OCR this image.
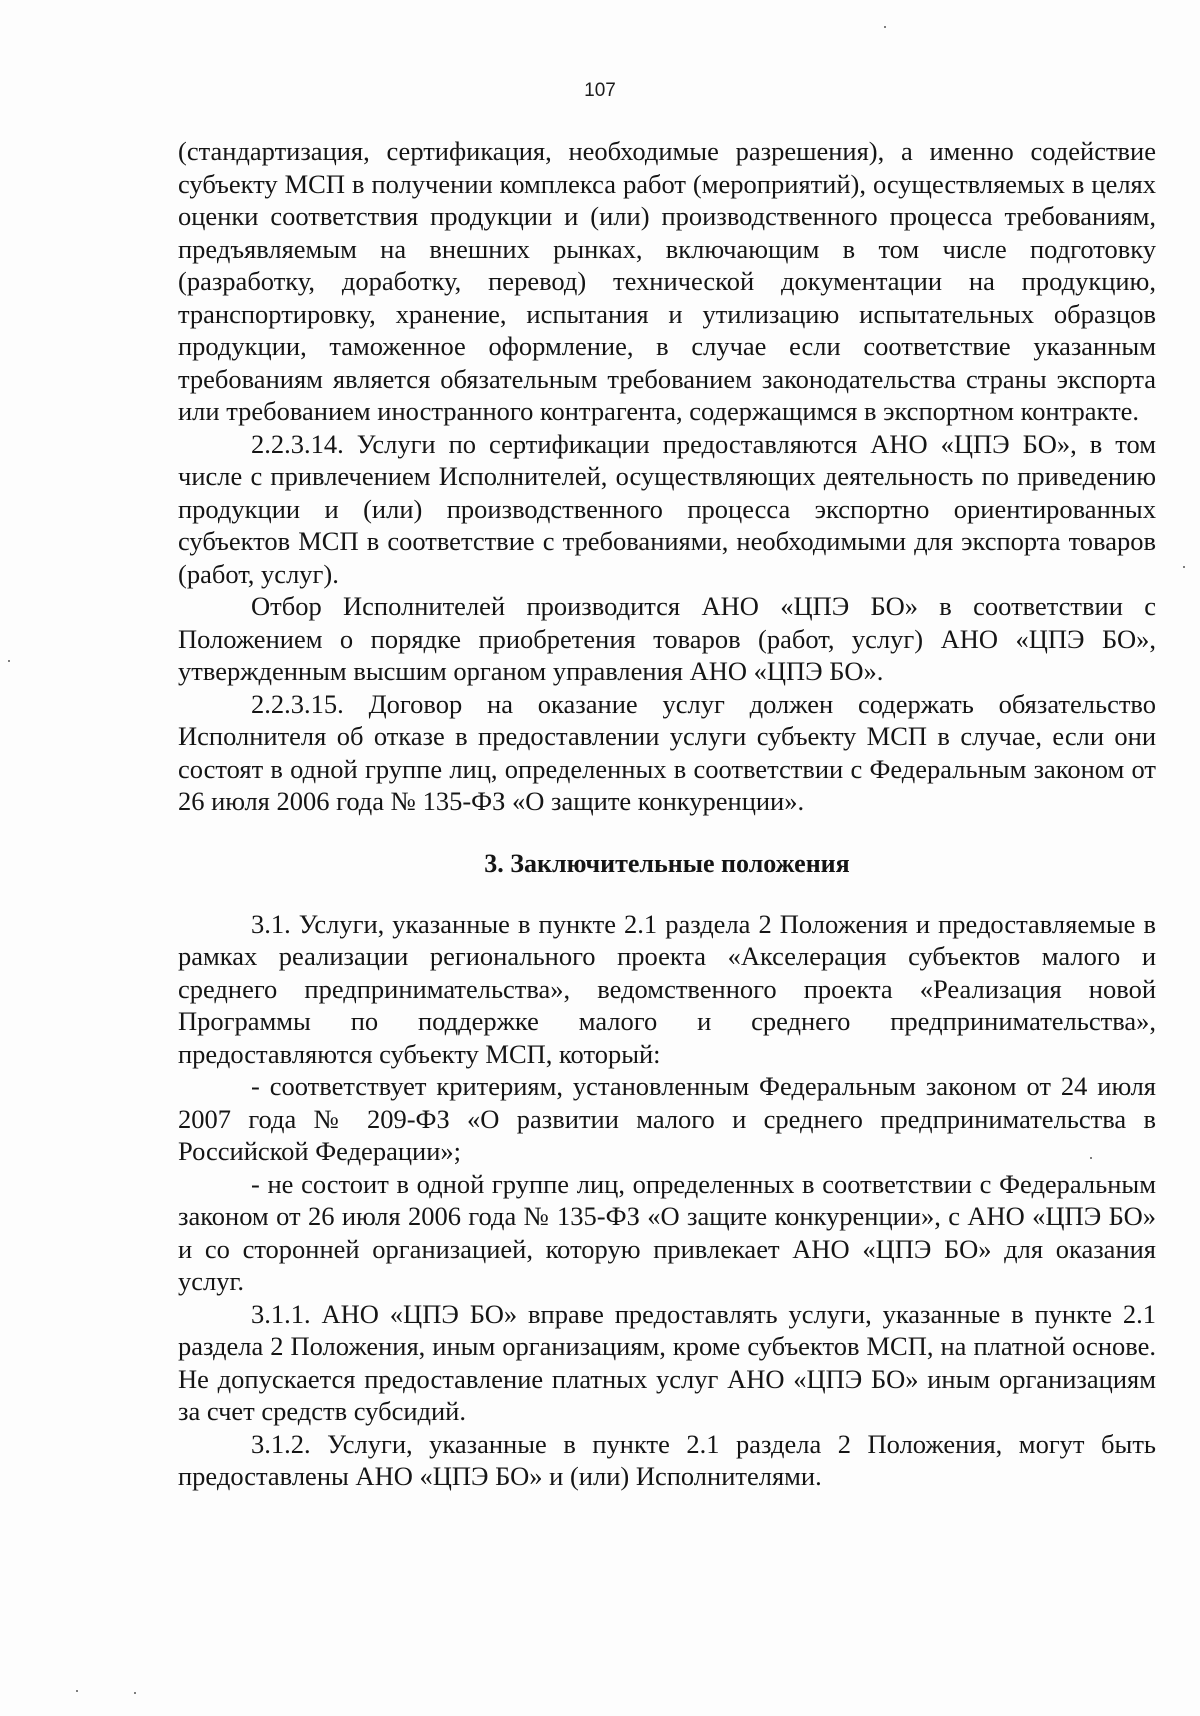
107

(стандартизация, сертификация, необходимые разрешения), а именно содействие субъекту МСП в получении комплекса работ (мероприятий), осуществляемых в целях оценки соответствия продукции и (или) производственного процесса требованиям, предъявляемым на внешних рынках, включающим в том числе подготовку (разработку, доработку, перевод) технической документации на продукцию, транспортировку, хранение, испытания и утилизацию испытательных образцов продукции, таможенное оформление, в случае если соответствие указанным требованиям является обязательным требованием законодательства страны экспорта или требованием иностранного контрагента, содержащимся в экспортном контракте.

2.2.3.14. Услуги по сертификации предоставляются АНО «ЦПЭ БО», в том числе с привлечением Исполнителей, осуществляющих деятельность по приведению продукции и (или) производственного процесса экспортно ориентированных субъектов МСП в соответствие с требованиями, необходимыми для экспорта товаров (работ, услуг).

Отбор Исполнителей производится АНО «ЦПЭ БО» в соответствии с Положением о порядке приобретения товаров (работ, услуг) АНО «ЦПЭ БО», утвержденным высшим органом управления АНО «ЦПЭ БО».

2.2.3.15. Договор на оказание услуг должен содержать обязательство Исполнителя об отказе в предоставлении услуги субъекту МСП в случае, если они состоят в одной группе лиц, определенных в соответствии с Федеральным законом от 26 июля 2006 года № 135-ФЗ «О защите конкуренции».

3. Заключительные положения

3.1. Услуги, указанные в пункте 2.1 раздела 2 Положения и предоставляемые в рамках реализации регионального проекта «Акселерация субъектов малого и среднего предпринимательства», ведомственного проекта «Реализация новой Программы по поддержке малого и среднего предпринимательства», предоставляются субъекту МСП, который:

- соответствует критериям, установленным Федеральным законом от 24 июля 2007 года № 209-ФЗ «О развитии малого и среднего предпринимательства в Российской Федерации»;

- не состоит в одной группе лиц, определенных в соответствии с Федеральным законом от 26 июля 2006 года № 135-ФЗ «О защите конкуренции», с АНО «ЦПЭ БО» и со сторонней организацией, которую привлекает АНО «ЦПЭ БО» для оказания услуг.

3.1.1. АНО «ЦПЭ БО» вправе предоставлять услуги, указанные в пункте 2.1 раздела 2 Положения, иным организациям, кроме субъектов МСП, на платной основе. Не допускается предоставление платных услуг АНО «ЦПЭ БО» иным организациям за счет средств субсидий.

3.1.2. Услуги, указанные в пункте 2.1 раздела 2 Положения, могут быть предоставлены АНО «ЦПЭ БО» и (или) Исполнителями.
